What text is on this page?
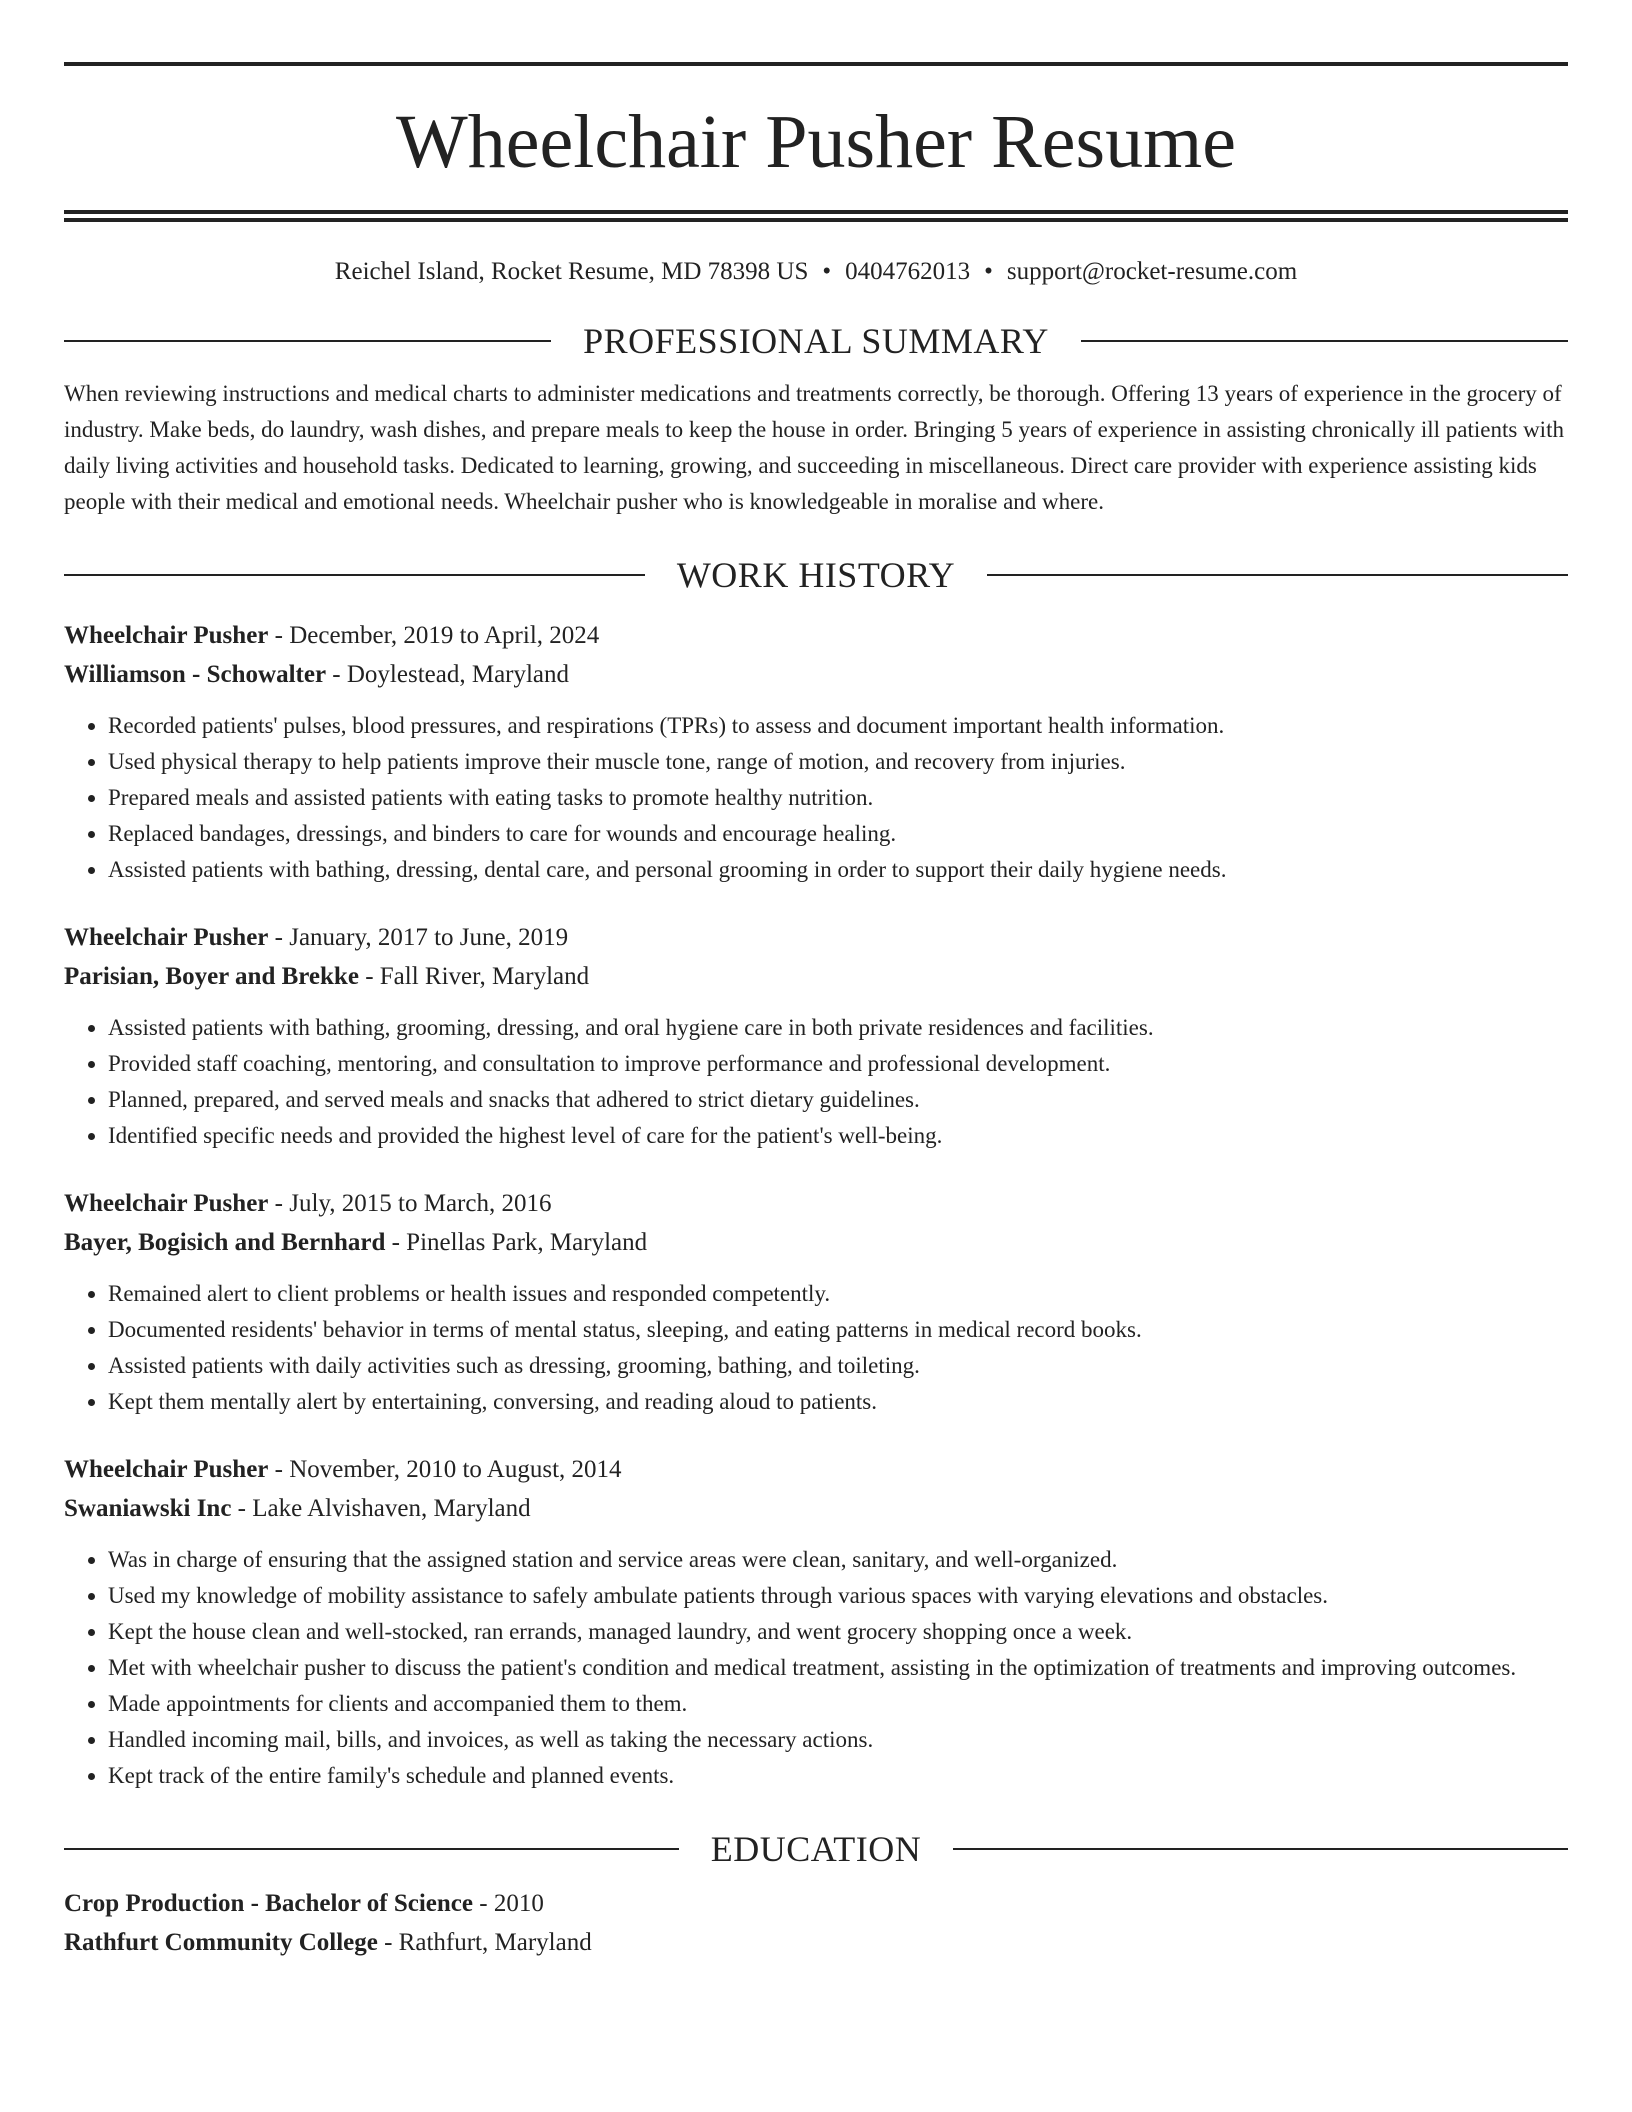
Wheelchair Pusher Resume
Reichel Island, Rocket Resume, MD 78398 US • 0404762013 • support@rocket-resume.com
PROFESSIONAL SUMMARY
When reviewing instructions and medical charts to administer medications and treatments correctly, be thorough. Offering 13 years of experience in the grocery of industry. Make beds, do laundry, wash dishes, and prepare meals to keep the house in order. Bringing 5 years of experience in assisting chronically ill patients with daily living activities and household tasks. Dedicated to learning, growing, and succeeding in miscellaneous. Direct care provider with experience assisting kids people with their medical and emotional needs. Wheelchair pusher who is knowledgeable in moralise and where.
WORK HISTORY
Wheelchair Pusher - December, 2019 to April, 2024
Williamson - Schowalter - Doylestead, Maryland
• Recorded patients' pulses, blood pressures, and respirations (TPRs) to assess and document important health information.
• Used physical therapy to help patients improve their muscle tone, range of motion, and recovery from injuries.
• Prepared meals and assisted patients with eating tasks to promote healthy nutrition.
• Replaced bandages, dressings, and binders to care for wounds and encourage healing.
• Assisted patients with bathing, dressing, dental care, and personal grooming in order to support their daily hygiene needs.
Wheelchair Pusher - January, 2017 to June, 2019
Parisian, Boyer and Brekke - Fall River, Maryland
• Assisted patients with bathing, grooming, dressing, and oral hygiene care in both private residences and facilities.
• Provided staff coaching, mentoring, and consultation to improve performance and professional development.
• Planned, prepared, and served meals and snacks that adhered to strict dietary guidelines.
• Identified specific needs and provided the highest level of care for the patient's well-being.
Wheelchair Pusher - July, 2015 to March, 2016
Bayer, Bogisich and Bernhard - Pinellas Park, Maryland
• Remained alert to client problems or health issues and responded competently.
• Documented residents' behavior in terms of mental status, sleeping, and eating patterns in medical record books.
• Assisted patients with daily activities such as dressing, grooming, bathing, and toileting.
• Kept them mentally alert by entertaining, conversing, and reading aloud to patients.
Wheelchair Pusher - November, 2010 to August, 2014
Swaniawski Inc - Lake Alvishaven, Maryland
• Was in charge of ensuring that the assigned station and service areas were clean, sanitary, and well-organized.
• Used my knowledge of mobility assistance to safely ambulate patients through various spaces with varying elevations and obstacles.
• Kept the house clean and well-stocked, ran errands, managed laundry, and went grocery shopping once a week.
• Met with wheelchair pusher to discuss the patient's condition and medical treatment, assisting in the optimization of treatments and improving outcomes.
• Made appointments for clients and accompanied them to them.
• Handled incoming mail, bills, and invoices, as well as taking the necessary actions.
• Kept track of the entire family's schedule and planned events.
EDUCATION
Crop Production - Bachelor of Science - 2010
Rathfurt Community College - Rathfurt, Maryland
